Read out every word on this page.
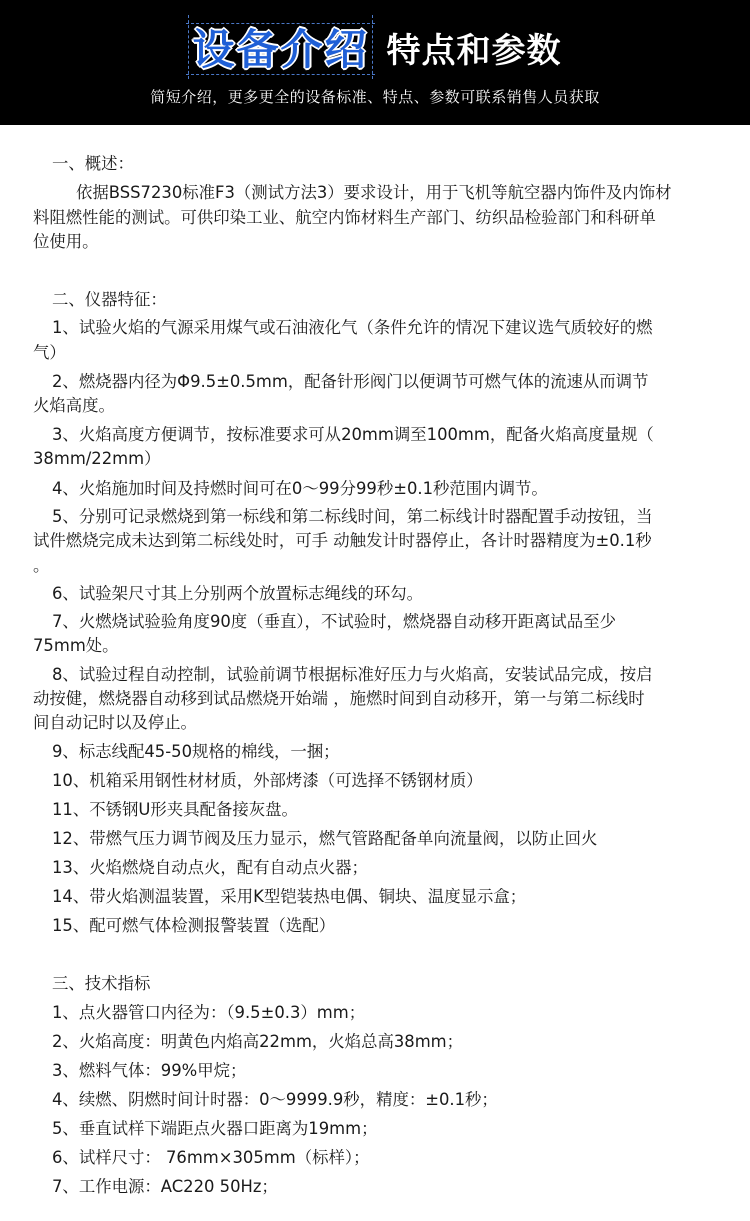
设备介绍 特点和参数
简短介绍，更多更全的设备标准、特点、参数可联系销售人员获取
一、概述：
依据BSS7230标准F3（测试方法3）要求设计，用于飞机等航空器内饰件及内饰材
料阻燃性能的测试。可供印染工业、航空内饰材料生产部门、纺织品检验部门和科研单
位使用。
二、仪器特征：
1、试验火焰的气源采用煤气或石油液化气（条件允许的情况下建议选气质较好的燃
气）
2、燃烧器内径为Φ9.5±0.5mm，配备针形阀门以便调节可燃气体的流速从而调节
火焰高度。
3、火焰高度方便调节，按标准要求可从20mm调至100mm，配备火焰高度量规（
38mm/22mm）
4、火焰施加时间及持燃时间可在0～99分99秒±0.1秒范围内调节。
5、分别可记录燃烧到第一标线和第二标线时间，第二标线计时器配置手动按钮，当
试件燃烧完成未达到第二标线处时，可手 动触发计时器停止，各计时器精度为±0.1秒
。
6、试验架尺寸其上分别两个放置标志绳线的环勾。
7、火燃烧试验验角度90度（垂直），不试验时，燃烧器自动移开距离试品至少
75mm处。
8、试验过程自动控制，试验前调节根据标准好压力与火焰高，安装试品完成，按启
动按健，燃烧器自动移到试品燃烧开始端 ，施燃时间到自动移开，第一与第二标线时
间自动记时以及停止。
9、标志线配45-50规格的棉线，一捆；
10、机箱采用钢性材材质，外部烤漆（可选择不锈钢材质）
11、不锈钢U形夹具配备接灰盘。
12、带燃气压力调节阀及压力显示，燃气管路配备单向流量阀，以防止回火
13、火焰燃烧自动点火，配有自动点火器；
14、带火焰测温装置，采用K型铠装热电偶、铜块、温度显示盒；
15、配可燃气体检测报警装置（选配）
三、技术指标
1、点火器管口内径为：（9.5±0.3）mm；
2、火焰高度：明黄色内焰高22mm，火焰总高38mm；
3、燃料气体：99%甲烷；
4、续燃、阴燃时间计时器：0～9999.9秒，精度：±0.1秒；
5、垂直试样下端距点火器口距离为19mm；
6、试样尺寸： 76mm×305mm（标样）；
7、工作电源：AC220 50Hz；
